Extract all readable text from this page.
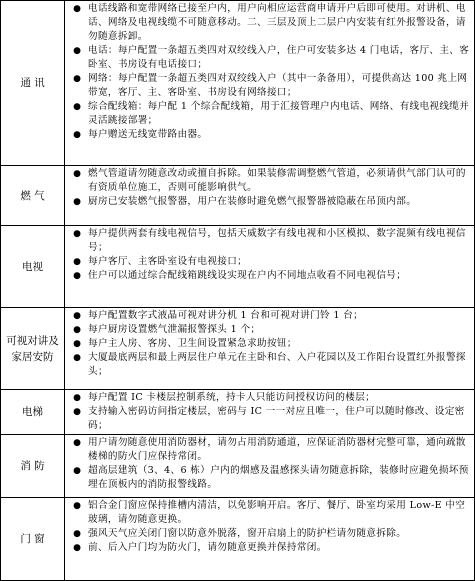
通 讯
● 电话线路和宽带网络已接至户内，用户向相应运营商申请开户后即可使用。对讲机、电话、网络及电视线缆不可随意移动。二、三层及顶上二层户内安装有红外报警设备，请勿随意拆卸。
● 电话：每户配置一条超五类四对双绞线入户，住户可安装多达 4 门电话，客厅、主、客卧室、书房设有电话接口；
● 网络：每户配置一条超五类四对双绞线入户（其中一条备用），可提供高达 100 兆上网带宽，客厅、主、客卧室、书房设有网络接口；
● 综合配线箱：每户配 1 个综合配线箱，用于汇接管理户内电话、网络、有线电视线缆并灵活跳接部署；
● 每户赠送无线宽带路由器。
燃 气
● 燃气管道请勿随意改动或擅自拆除。如果装修需调整燃气管道，必须请供气部门认可的有资质单位施工，否则可能影响供气。
● 厨房已安装燃气报警器，用户在装修时避免燃气报警器被隐蔽在吊顶内部。
电视
● 每户提供两套有线电视信号，包括天威数字有线电视和小区模拟、数字混频有线电视信号；
● 每户客厅、主客卧室设有电视接口；
● 住户可以通过综合配线箱跳线设实现在户内不同地点收看不同电视信号；
可视对讲及家居安防
● 每户配置数字式液晶可视对讲分机 1 台和可视对讲门铃 1 台；
● 每户厨房设置燃气泄漏报警探头 1 个；
● 每户主人房、客房、卫生间设置紧急求助按钮；
● 大厦最底两层和最上两层住户单元在主卧和台、入户花园以及工作阳台设置红外报警探头；
电梯
● 每户配置 IC 卡楼层控制系统，持卡人只能访问授权访问的楼层；
● 支持输入密码访问指定楼层，密码与 IC 一一对应且唯一，住户可以随时修改、设定密码；
消 防
● 用户请勿随意使用消防器材，请勿占用消防通道，应保证消防器材完整可靠，通向疏散楼梯的防火门应保持常闭。
● 超高层建筑（3、4、6 栋）户内的烟感及温感探头请勿随意拆除，装修时应避免损坏预埋在顶板内的消防报警线路。
门 窗
● 铝合金门窗应保持推槽内清洁，以免影响开启。客厅、餐厅、卧室均采用 Low-E 中空玻璃，请勿随意更换。
● 强风天气应关闭门窗以防意外脱落，窗开启扇上的防护栏请勿随意拆除。
● 前、后入户门均为防火门，请勿随意更换并保持常闭。
